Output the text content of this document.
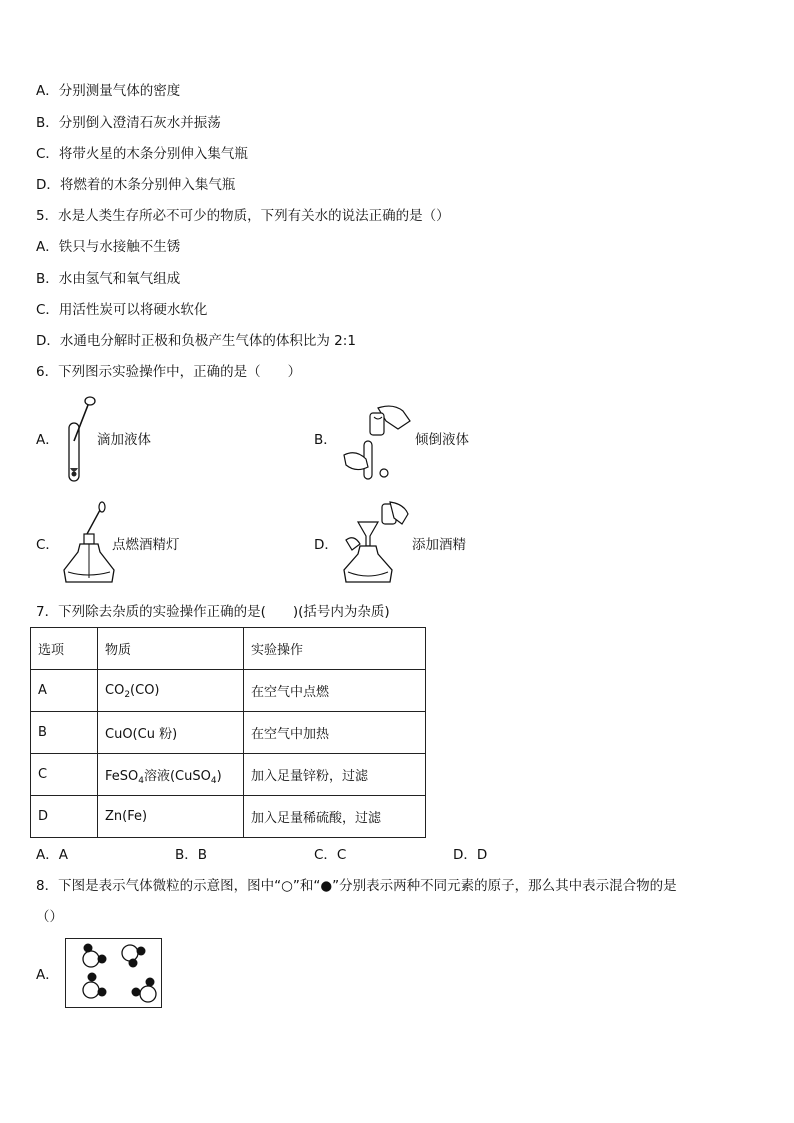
A．分别测量气体的密度
B．分别倒入澄清石灰水并振荡
C．将带火星的木条分别伸入集气瓶
D．将燃着的木条分别伸入集气瓶
5．水是人类生存所必不可少的物质，下列有关水的说法正确的是（）
A．铁只与水接触不生锈
B．水由氢气和氧气组成
C．用活性炭可以将硬水软化
D．水通电分解时正极和负极产生气体的体积比为 2:1
6．下列图示实验操作中，正确的是（　　）
A．	滴加液体	B．	倾倒液体
C．	点燃酒精灯	D．	添加酒精
7．下列除去杂质的实验操作正确的是(　　)(括号内为杂质)
选项	物质	实验操作
A	$CO_2(CO)$	在空气中点燃
B	CuO(Cu 粉)	在空气中加热
C	FeSO$_4$溶液(CuSO$_4$)	加入足量锌粉，过滤
D	Zn(Fe)	加入足量稀硫酸，过滤
A．A	B．B	C．C	D．D
8．下图是表示气体微粒的示意图，图中“○”和“●”分别表示两种不同元素的原子，那么其中表示混合物的是
（）
A．
